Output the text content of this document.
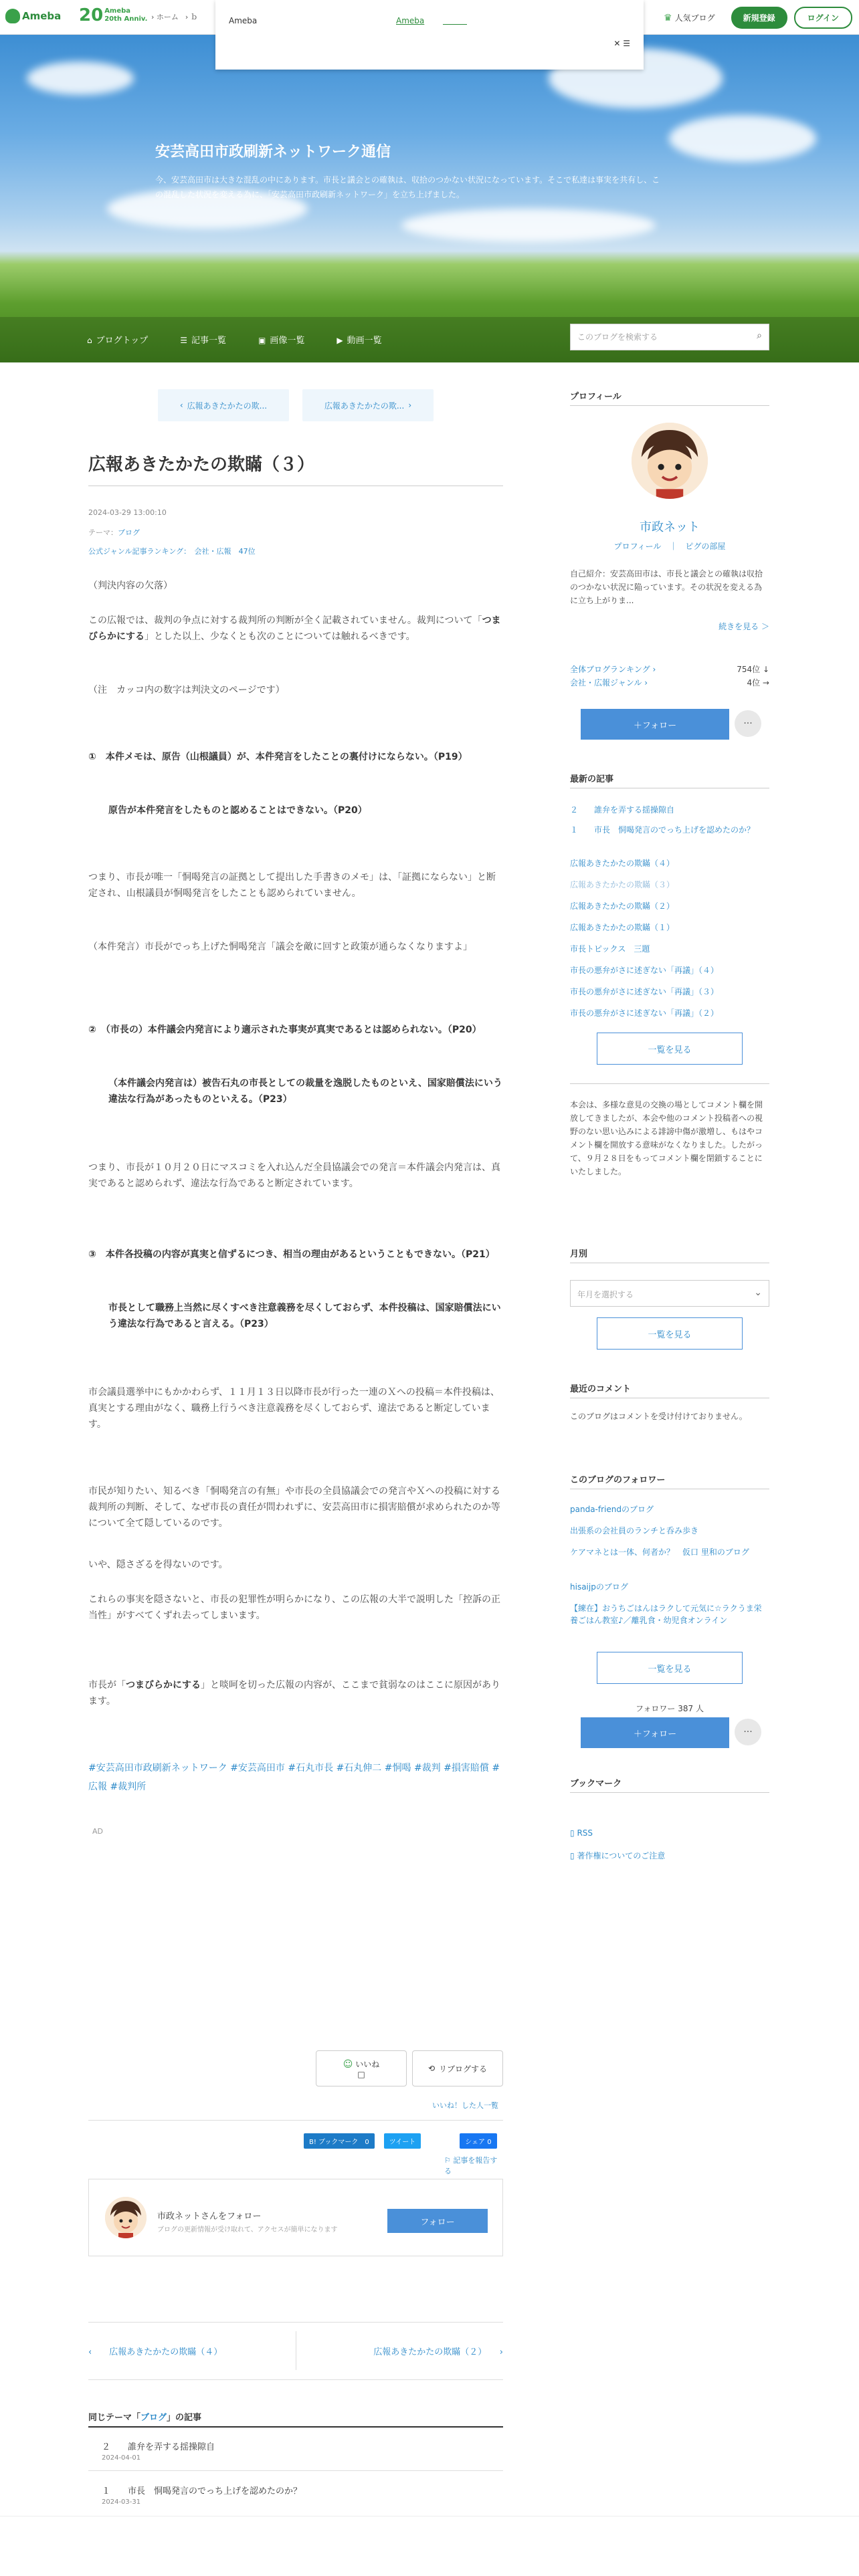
Ameba 20 Ameba
20th Anniv. › ホーム › ｂ	♛ 人気ブログ	新規登録	ログイン
Ameba	Ameba
✕ ☰
安芸高田市政刷新ネットワーク通信
今、安芸高田市は大きな混乱の中にあります。市長と議会との確執は、収拾のつかない状況になっています。そこで私達は事実を共有し、この混乱した状況を変える為に、「安芸高田市政刷新ネットワーク」を立ち上げました。
⌂ ブログトップ	☰ 記事一覧	▣ 画像一覧	▶ 動画一覧	このブログを検索する	⌕
‹ 広報あきたかたの欺...	広報あきたかたの欺... ›
広報あきたかたの欺瞞（３）
2024-03-29 13:00:10
テーマ：ブログ
公式ジャンル記事ランキング：　会社・広報　47位
（判決内容の欠落）
この広報では、裁判の争点に対する裁判所の判断が全く記載されていません。裁判について「つまびらかにする」とした以上、少なくとも次のことについては触れるべきです。
（注　カッコ内の数字は判決文のページです）
①　本件メモは、原告（山根議員）が、本件発言をしたことの裏付けにならない。（P19）
原告が本件発言をしたものと認めることはできない。（P20）
つまり、市長が唯一「恫喝発言の証拠として提出した手書きのメモ」は、「証拠にならない」と断定され、山根議員が恫喝発言をしたことも認められていません。
（本件発言）市長がでっち上げた恫喝発言「議会を敵に回すと政策が通らなくなりますよ」
②　（市長の）本件議会内発言により適示された事実が真実であるとは認められない。（P20）
（本件議会内発言は）被告石丸の市長としての裁量を逸脱したものといえ、国家賠償法にいう違法な行為があったものといえる。（P23）
つまり、市長が１０月２０日にマスコミを入れ込んだ全員協議会での発言＝本件議会内発言は、真実であると認められず、違法な行為であると断定されています。
③　本件各投稿の内容が真実と信ずるにつき、相当の理由があるということもできない。（P21）
市長として職務上当然に尽くすべき注意義務を尽くしておらず、本件投稿は、国家賠償法にいう違法な行為であると言える。（P23）
市会議員選挙中にもかかわらず、１１月１３日以降市長が行った一連のＸへの投稿＝本件投稿は、真実とする理由がなく、職務上行うべき注意義務を尽くしておらず、違法であると断定しています。
市民が知りたい、知るべき「恫喝発言の有無」や市長の全員協議会での発言やＸへの投稿に対する裁判所の判断、そして、なぜ市長の責任が問われずに、安芸高田市に損害賠償が求められたのか等について全て隠しているのです。
いや、隠さざるを得ないのです。
これらの事実を隠さないと、市長の犯罪性が明らかになり、この広報の大半で説明した「控訴の正当性」がすべてくずれ去ってしまいます。
市長が「つまびらかにする」と啖呵を切った広報の内容が、ここまで貧弱なのはここに原因があります。
#安芸高田市政刷新ネットワーク #安芸高田市 #石丸市長 #石丸伸二 #恫喝 #裁判 #損害賠償 #広報 #裁判所
AD
☺ いいね
□
⟲ リブログする
いいね！した人一覧
B! ブックマーク　0	ツイート	シェア 0
⚐ 記事を報告する
市政ネットさんをフォロー
ブログの更新情報が受け取れて、アクセスが簡単になります
フォロー
‹　　 広報あきたかたの欺瞞（４）	広報あきたかたの欺瞞（２）　　 ›
同じテーマ「ブログ」の記事
２　　誰弁を弄する揺操隙自
2024-04-01
１　　市長　恫喝発言のでっち上げを認めたのか？
2024-03-31
プロフィール
市政ネット
プロフィール　｜　ピグの部屋
自己紹介：安芸高田市は、市長と議会との確執は収拾のつかない状況に陥っています。その状況を変える為に立ち上がりま...
続きを見る ＞
全体ブログランキング ›	754位 ↓
会社・広報ジャンル ›	4位 →
＋フォロー	···
最新の記事
２　　誰弁を弄する揺操隙自
１　　市長　恫喝発言のでっち上げを認めたのか？
広報あきたかたの欺瞞（４）
広報あきたかたの欺瞞（３）
広報あきたかたの欺瞞（２）
広報あきたかたの欺瞞（１）
市長トピックス　三題
市長の悪弁がさに述ぎない「再議」（４）
市長の悪弁がさに述ぎない「再議」（３）
市長の悪弁がさに述ぎない「再議」（２）
一覧を見る
本会は、多様な意見の交換の場としてコメント欄を開放してきましたが、本会や他のコメント投稿者への視野のない思い込みによる誹謗中傷が激増し、もはやコメント欄を開放する意味がなくなりました。したがって、９月２８日をもってコメント欄を閉鎖することにいたしました。
月別
年月を選択する	⌄
一覧を見る
最近のコメント
このブログはコメントを受け付けておりません。
このブログのフォロワー
panda-friendのブログ
出張系の会社員のランチと呑み歩き
ケアマネとは一体、何者か？　仮口 里和のブログ
hisaijpのブログ
【練在】おうちごはんはラクして元気に☆ラクうま栄養ごはん教室♪／離乳食・幼児食オンライン
一覧を見る
フォロワー 387 人
＋フォロー	···
ブックマーク
▯ RSS
▯ 著作権についてのご注意
